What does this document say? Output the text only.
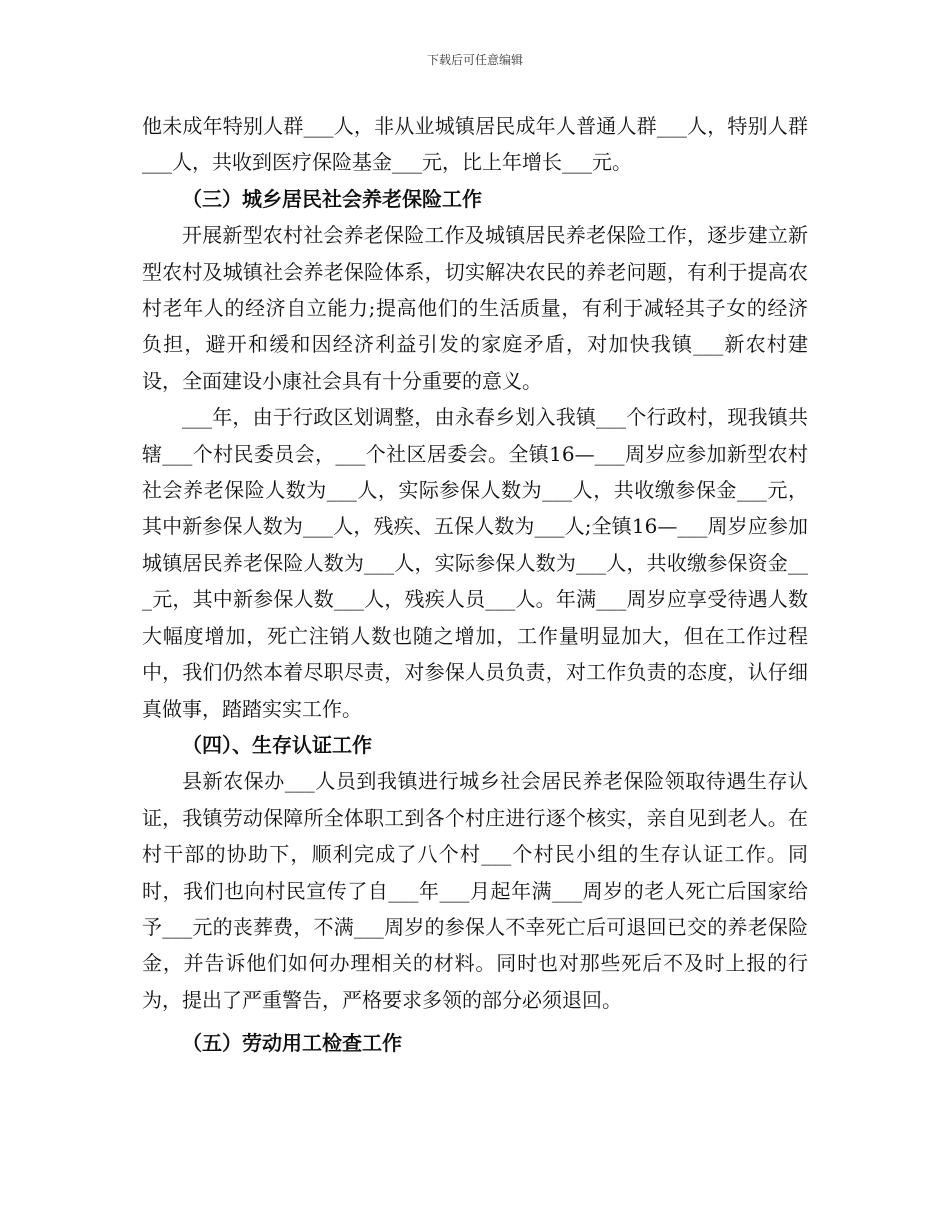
下载后可任意编辑

他未成年特别人群___人，非从业城镇居民成年人普通人群___人，特别人群___人，共收到医疗保险基金___元，比上年增长___元。

（三）城乡居民社会养老保险工作

开展新型农村社会养老保险工作及城镇居民养老保险工作，逐步建立新型农村及城镇社会养老保险体系，切实解决农民的养老问题，有利于提高农村老年人的经济自立能力;提高他们的生活质量，有利于减轻其子女的经济负担，避开和缓和因经济利益引发的家庭矛盾，对加快我镇___新农村建设，全面建设小康社会具有十分重要的意义。

___年，由于行政区划调整，由永春乡划入我镇___个行政村，现我镇共辖___个村民委员会，___个社区居委会。全镇16—___周岁应参加新型农村社会养老保险人数为___人，实际参保人数为___人，共收缴参保金___元，其中新参保人数为___人，残疾、五保人数为___人;全镇16—___周岁应参加城镇居民养老保险人数为___人，实际参保人数为___人，共收缴参保资金___元，其中新参保人数___人，残疾人员___人。年满___周岁应享受待遇人数大幅度增加，死亡注销人数也随之增加，工作量明显加大，但在工作过程中，我们仍然本着尽职尽责，对参保人员负责，对工作负责的态度，认仔细真做事，踏踏实实工作。

（四）、生存认证工作

县新农保办___人员到我镇进行城乡社会居民养老保险领取待遇生存认证，我镇劳动保障所全体职工到各个村庄进行逐个核实，亲自见到老人。在村干部的协助下，顺利完成了八个村___个村民小组的生存认证工作。同时，我们也向村民宣传了自___年___月起年满___周岁的老人死亡后国家给予___元的丧葬费，不满___周岁的参保人不幸死亡后可退回已交的养老保险金，并告诉他们如何办理相关的材料。同时也对那些死后不及时上报的行为，提出了严重警告，严格要求多领的部分必须退回。

（五）劳动用工检查工作
